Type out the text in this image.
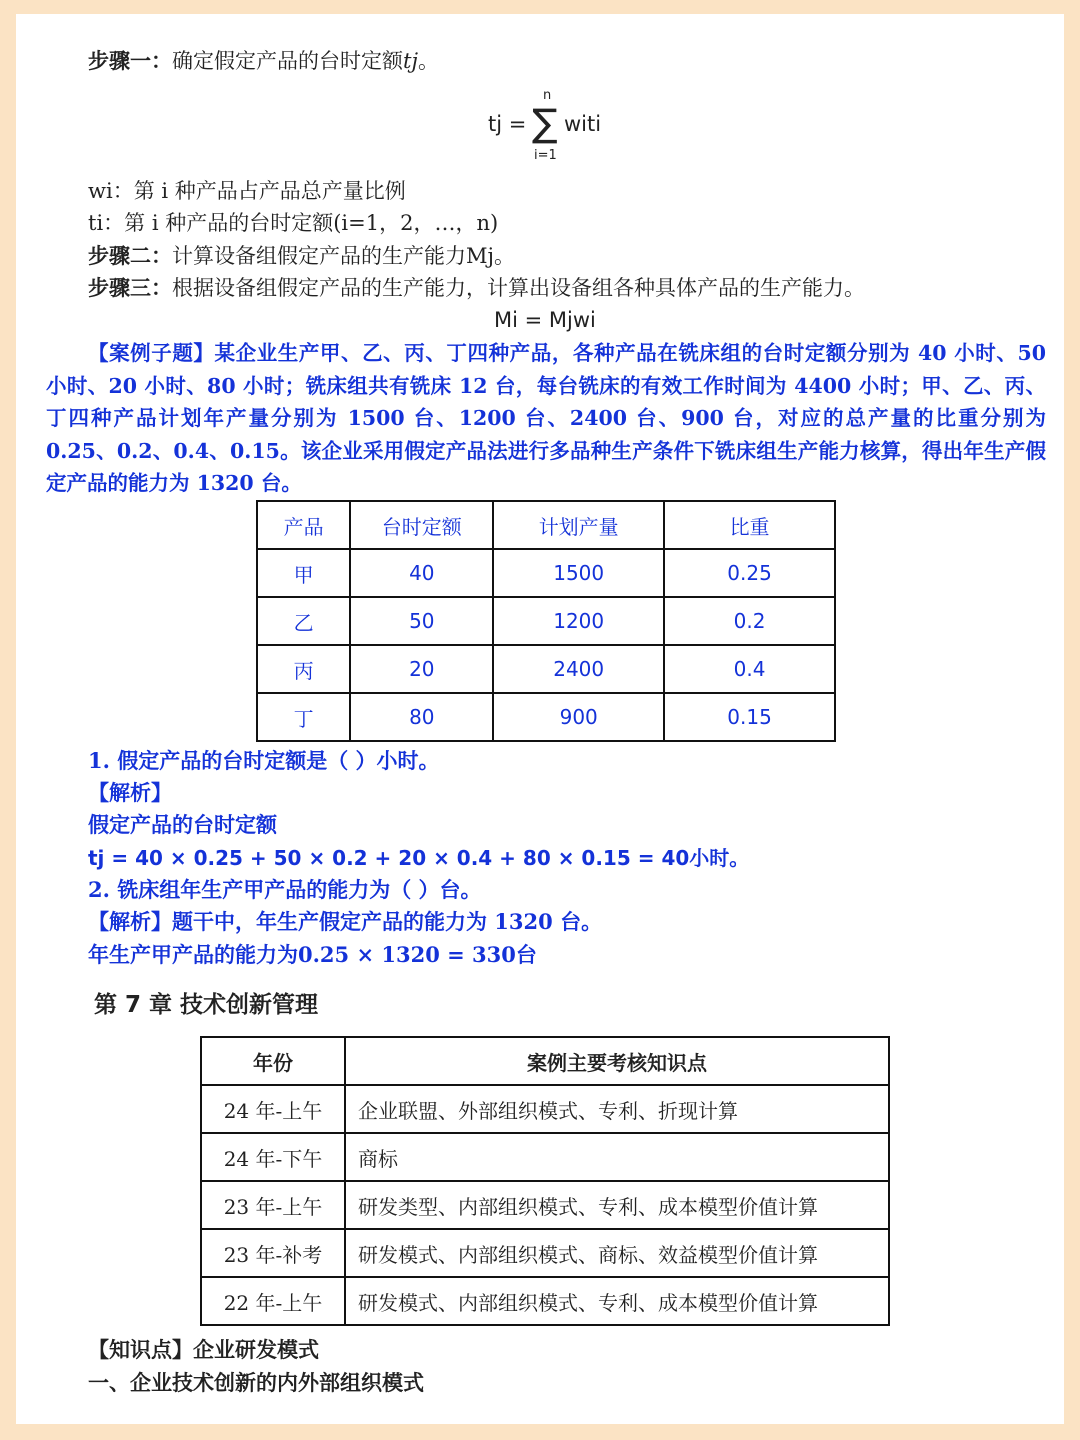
步骤一：确定假定产品的台时定额tj。
tj =
n
∑
i=1
witi
wi：第 i 种产品占产品总产量比例
ti：第 i 种产品的台时定额(i=1，2，…，n)
步骤二：计算设备组假定产品的生产能力Mj。
步骤三：根据设备组假定产品的生产能力，计算出设备组各种具体产品的生产能力。
Mi = Mjwi
【案例子题】某企业生产甲、乙、丙、丁四种产品，各种产品在铣床组的台时定额分别为 40 小时、50 小时、20 小时、80 小时；铣床组共有铣床 12 台，每台铣床的有效工作时间为 4400 小时；甲、乙、丙、丁四种产品计划年产量分别为 1500 台、1200 台、2400 台、900 台，对应的总产量的比重分别为 0.25、0.2、0.4、0.15。该企业采用假定产品法进行多品种生产条件下铣床组生产能力核算，得出年生产假定产品的能力为 1320 台。
产品	台时定额	计划产量	比重
甲	40	1500	0.25
乙	50	1200	0.2
丙	20	2400	0.4
丁	80	900	0.15
1. 假定产品的台时定额是（ ）小时。
【解析】
假定产品的台时定额
tj = 40 × 0.25 + 50 × 0.2 + 20 × 0.4 + 80 × 0.15 = 40小时。
2. 铣床组年生产甲产品的能力为（ ）台。
【解析】题干中，年生产假定产品的能力为 1320 台。
年生产甲产品的能力为0.25 × 1320 = 330台
第 7 章 技术创新管理
年份	案例主要考核知识点
24 年-上午	企业联盟、外部组织模式、专利、折现计算
24 年-下午	商标
23 年-上午	研发类型、内部组织模式、专利、成本模型价值计算
23 年-补考	研发模式、内部组织模式、商标、效益模型价值计算
22 年-上午	研发模式、内部组织模式、专利、成本模型价值计算
【知识点】企业研发模式
一、企业技术创新的内外部组织模式
